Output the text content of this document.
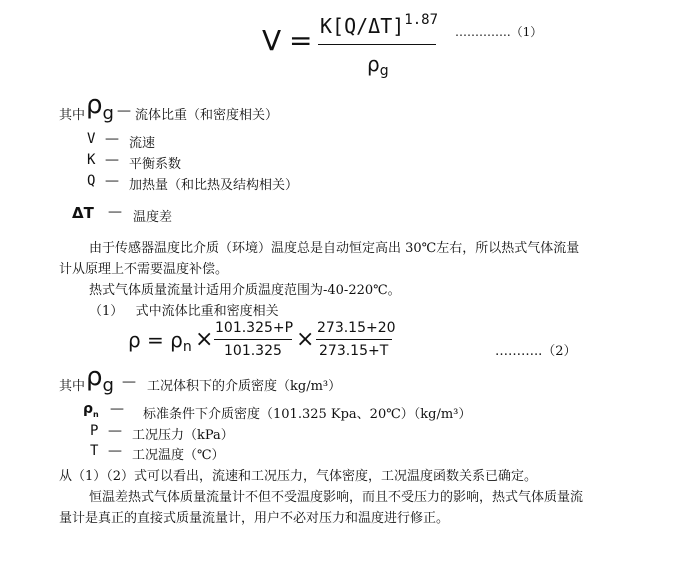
$V = K[Q/\Delta T]^{1.87}$
$\rho_g$
…………..（1）
其中 $\rho_g$ — 流体比重（和密度相关）
V — 流速
K — 平衡系数
Q — 加热量（和比热及结构相关）
ΔT — 温度差
由于传感器温度比介质（环境）温度总是自动恒定高出 30℃左右，所以热式气体流量
计从原理上不需要温度补偿。
热式气体质量流量计适用介质温度范围为-40-220℃。
（1）   式中流体比重和密度相关
$\rho = \rho_n \times 101.325+P$
101.325 × 273.15+20
273.15+T	………..（2）
其中 $\rho_g$ — 工况体积下的介质密度（kg/m³）
$\rho_n$ — 标准条件下介质密度（101.325 Kpa、20℃）（kg/m³）
P — 工况压力（kPa）
T — 工况温度（℃）
从（1）（2）式可以看出，流速和工况压力，气体密度，工况温度函数关系已确定。
恒温差热式气体质量流量计不但不受温度影响，而且不受压力的影响，热式气体质量流
量计是真正的直接式质量流量计，用户不必对压力和温度进行修正。
